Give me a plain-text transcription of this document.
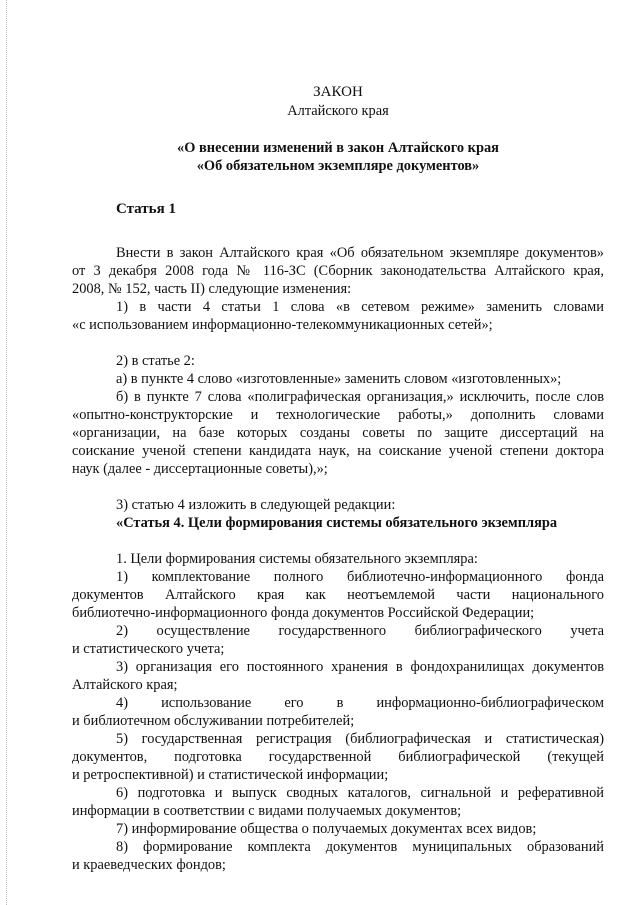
ЗАКОН

Алтайского края

«О внесении изменений в закон Алтайского края

«Об обязательном экземпляре документов»

Статья 1

Внести в закон Алтайского края «Об обязательном экземпляре документов»

от 3 декабря 2008 года № 116-ЗС (Сборник законодательства Алтайского края,

2008, № 152, часть II) следующие изменения:

1) в части 4 статьи 1 слова «в сетевом режиме» заменить словами

«с использованием информационно-телекоммуникационных сетей»;

2) в статье 2:

а) в пункте 4 слово «изготовленные» заменить словом «изготовленных»;

б) в пункте 7 слова «полиграфическая организация,» исключить, после слов

«опытно-конструкторские и технологические работы,» дополнить словами

«организации, на базе которых созданы советы по защите диссертаций на

соискание ученой степени кандидата наук, на соискание ученой степени доктора

наук (далее - диссертационные советы),»;

3) статью 4 изложить в следующей редакции:

«Статья 4. Цели формирования системы обязательного экземпляра

1. Цели формирования системы обязательного экземпляра:

1) комплектование полного библиотечно-информационного фонда

документов Алтайского края как неотъемлемой части национального

библиотечно-информационного фонда документов Российской Федерации;

2) осуществление государственного библиографического учета

и статистического учета;

3) организация его постоянного хранения в фондохранилищах документов

Алтайского края;

4) использование его в информационно-библиографическом

и библиотечном обслуживании потребителей;

5) государственная регистрация (библиографическая и статистическая)

документов, подготовка государственной библиографической (текущей

и ретроспективной) и статистической информации;

6) подготовка и выпуск сводных каталогов, сигнальной и реферативной

информации в соответствии с видами получаемых документов;

7) информирование общества о получаемых документах всех видов;

8) формирование комплекта документов муниципальных образований

и краеведческих фондов;
